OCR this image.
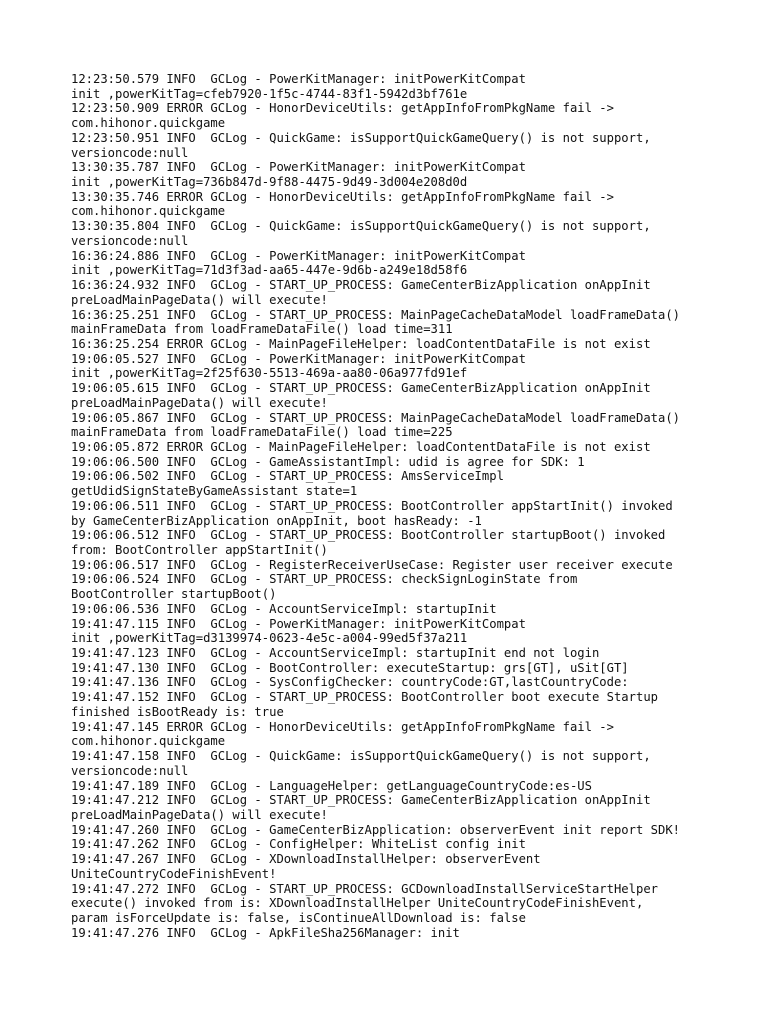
12:23:50.579 INFO  GCLog - PowerKitManager: initPowerKitCompat
init ,powerKitTag=cfeb7920-1f5c-4744-83f1-5942d3bf761e
12:23:50.909 ERROR GCLog - HonorDeviceUtils: getAppInfoFromPkgName fail ->
com.hihonor.quickgame
12:23:50.951 INFO  GCLog - QuickGame: isSupportQuickGameQuery() is not support,
versioncode:null
13:30:35.787 INFO  GCLog - PowerKitManager: initPowerKitCompat
init ,powerKitTag=736b847d-9f88-4475-9d49-3d004e208d0d
13:30:35.746 ERROR GCLog - HonorDeviceUtils: getAppInfoFromPkgName fail ->
com.hihonor.quickgame
13:30:35.804 INFO  GCLog - QuickGame: isSupportQuickGameQuery() is not support,
versioncode:null
16:36:24.886 INFO  GCLog - PowerKitManager: initPowerKitCompat
init ,powerKitTag=71d3f3ad-aa65-447e-9d6b-a249e18d58f6
16:36:24.932 INFO  GCLog - START_UP_PROCESS: GameCenterBizApplication onAppInit
preLoadMainPageData() will execute!
16:36:25.251 INFO  GCLog - START_UP_PROCESS: MainPageCacheDataModel loadFrameData()
mainFrameData from loadFrameDataFile() load time=311
16:36:25.254 ERROR GCLog - MainPageFileHelper: loadContentDataFile is not exist
19:06:05.527 INFO  GCLog - PowerKitManager: initPowerKitCompat
init ,powerKitTag=2f25f630-5513-469a-aa80-06a977fd91ef
19:06:05.615 INFO  GCLog - START_UP_PROCESS: GameCenterBizApplication onAppInit
preLoadMainPageData() will execute!
19:06:05.867 INFO  GCLog - START_UP_PROCESS: MainPageCacheDataModel loadFrameData()
mainFrameData from loadFrameDataFile() load time=225
19:06:05.872 ERROR GCLog - MainPageFileHelper: loadContentDataFile is not exist
19:06:06.500 INFO  GCLog - GameAssistantImpl: udid is agree for SDK: 1
19:06:06.502 INFO  GCLog - START_UP_PROCESS: AmsServiceImpl
getUdidSignStateByGameAssistant state=1
19:06:06.511 INFO  GCLog - START_UP_PROCESS: BootController appStartInit() invoked
by GameCenterBizApplication onAppInit, boot hasReady: -1
19:06:06.512 INFO  GCLog - START_UP_PROCESS: BootController startupBoot() invoked
from: BootController appStartInit()
19:06:06.517 INFO  GCLog - RegisterReceiverUseCase: Register user receiver execute
19:06:06.524 INFO  GCLog - START_UP_PROCESS: checkSignLoginState from
BootController startupBoot()
19:06:06.536 INFO  GCLog - AccountServiceImpl: startupInit
19:41:47.115 INFO  GCLog - PowerKitManager: initPowerKitCompat
init ,powerKitTag=d3139974-0623-4e5c-a004-99ed5f37a211
19:41:47.123 INFO  GCLog - AccountServiceImpl: startupInit end not login
19:41:47.130 INFO  GCLog - BootController: executeStartup: grs[GT], uSit[GT]
19:41:47.136 INFO  GCLog - SysConfigChecker: countryCode:GT,lastCountryCode:
19:41:47.152 INFO  GCLog - START_UP_PROCESS: BootController boot execute Startup
finished isBootReady is: true
19:41:47.145 ERROR GCLog - HonorDeviceUtils: getAppInfoFromPkgName fail ->
com.hihonor.quickgame
19:41:47.158 INFO  GCLog - QuickGame: isSupportQuickGameQuery() is not support,
versioncode:null
19:41:47.189 INFO  GCLog - LanguageHelper: getLanguageCountryCode:es-US
19:41:47.212 INFO  GCLog - START_UP_PROCESS: GameCenterBizApplication onAppInit
preLoadMainPageData() will execute!
19:41:47.260 INFO  GCLog - GameCenterBizApplication: observerEvent init report SDK!
19:41:47.262 INFO  GCLog - ConfigHelper: WhiteList config init
19:41:47.267 INFO  GCLog - XDownloadInstallHelper: observerEvent
UniteCountryCodeFinishEvent!
19:41:47.272 INFO  GCLog - START_UP_PROCESS: GCDownloadInstallServiceStartHelper
execute() invoked from is: XDownloadInstallHelper UniteCountryCodeFinishEvent,
param isForceUpdate is: false, isContinueAllDownload is: false
19:41:47.276 INFO  GCLog - ApkFileSha256Manager: init
